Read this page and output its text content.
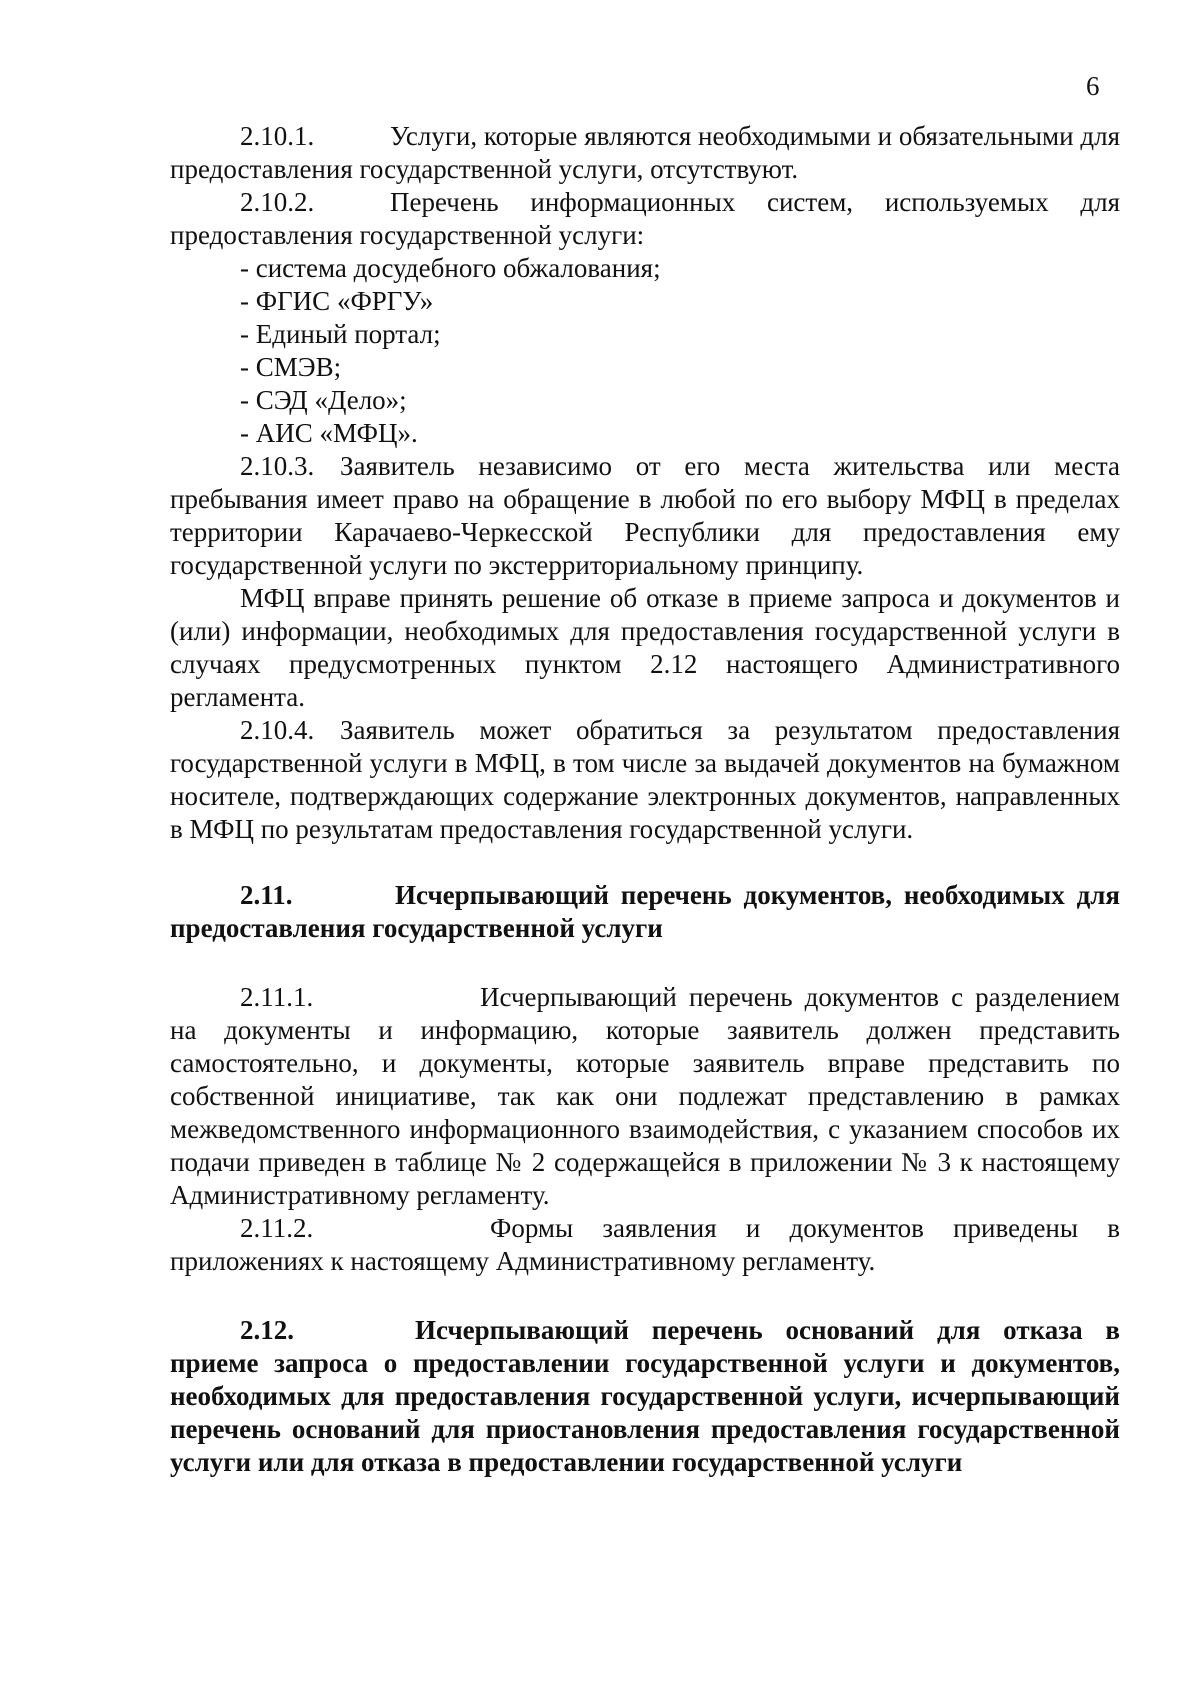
6

2.10.1.	Услуги, которые являются необходимыми и обязательными для предоставления государственной услуги, отсутствуют.

2.10.2.	Перечень информационных систем, используемых для предоставления государственной услуги:

- система досудебного обжалования;

- ФГИС «ФРГУ»

- Единый портал;

- СМЭВ;

- СЭД «Дело»;

- АИС «МФЦ».

2.10.3. Заявитель независимо от его места жительства или места пребывания имеет право на обращение в любой по его выбору МФЦ в пределах территории Карачаево-Черкесской Республики для предоставления ему государственной услуги по экстерриториальному принципу.

МФЦ вправе принять решение об отказе в приеме запроса и документов и (или) информации, необходимых для предоставления государственной услуги в случаях предусмотренных пунктом 2.12 настоящего Административного регламента.

2.10.4. Заявитель может обратиться за результатом предоставления государственной услуги в МФЦ, в том числе за выдачей документов на бумажном носителе, подтверждающих содержание электронных документов, направленных в МФЦ по результатам предоставления государственной услуги.

2.11.	Исчерпывающий перечень документов, необходимых для предоставления государственной услуги

2.11.1.	Исчерпывающий перечень документов с разделением на документы и информацию, которые заявитель должен представить самостоятельно, и документы, которые заявитель вправе представить по собственной инициативе, так как они подлежат представлению в рамках межведомственного информационного взаимодействия, с указанием способов их подачи приведен в таблице № 2 содержащейся в приложении № 3 к настоящему Административному регламенту.

2.11.2.	Формы заявления и документов приведены в приложениях к настоящему Административному регламенту.

2.12.	Исчерпывающий перечень оснований для отказа в приеме запроса о предоставлении государственной услуги и документов, необходимых для предоставления государственной услуги, исчерпывающий перечень оснований для приостановления предоставления государственной услуги или для отказа в предоставлении государственной услуги
